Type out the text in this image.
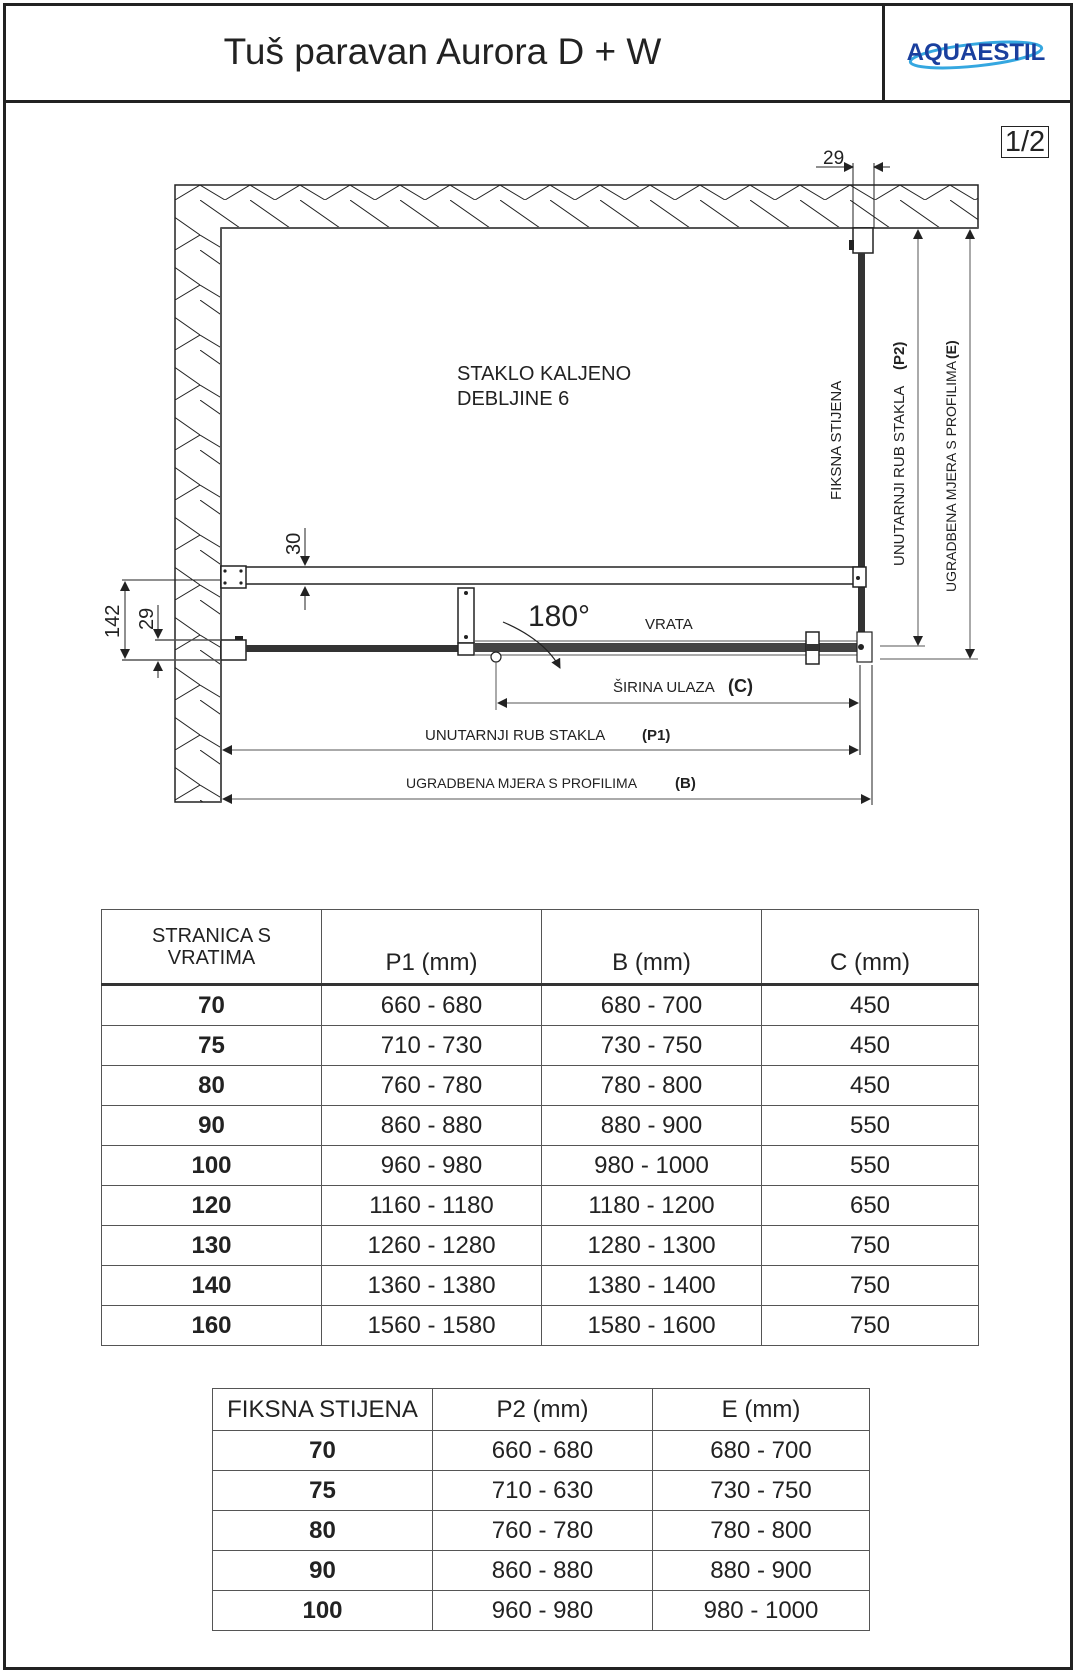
Tuš paravan Aurora D + W	AQUAESTIL
1/2
29
FIKSNA STIJENA	UNUTARNJI RUB STAKLA
(P2)
UGRADBENA MJERA S PROFILIMA
(E)
STAKLO KALJENO
DEBLJINE 6
30
142 29	180°	VRATA
ŠIRINA ULAZA (C)
UNUTARNJI RUB STAKLA (P1)
UGRADBENA MJERA S PROFILIMA	(B)
STRANICA S
VRATIMA	P1 (mm)	B (mm)	C (mm)
70	660 - 680	680 - 700	450
75	710 - 730	730 - 750	450
80	760 - 780	780 - 800	450
90	860 - 880	880 - 900	550
100	960 - 980	980 - 1000	550
120	1160 - 1180	1180 - 1200	650
130	1260 - 1280	1280 - 1300	750
140	1360 - 1380	1380 - 1400	750
160	1560 - 1580	1580 - 1600	750
FIKSNA STIJENA	P2 (mm)	E (mm)
70	660 - 680	680 - 700
75	710 - 630	730 - 750
80	760 - 780	780 - 800
90	860 - 880	880 - 900
100	960 - 980	980 - 1000
